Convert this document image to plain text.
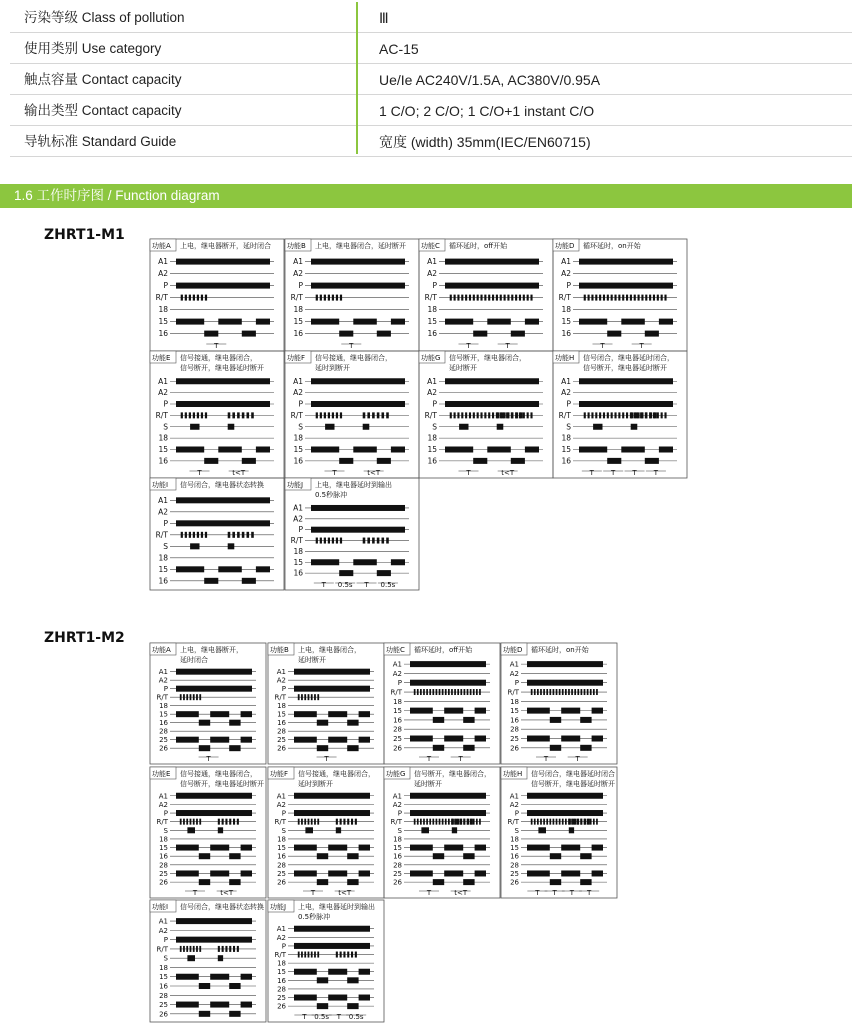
污染等级 Class of pollution	Ⅲ
使用类别 Use category	AC-15
触点容量 Contact capacity	Ue/Ie AC240V/1.5A, AC380V/0.95A
输出类型 Contact capacity	1 C/O; 2 C/O; 1 C/O+1 instant C/O
导轨标准 Standard Guide	宽度 (width) 35mm(IEC/EN60715)
1.6 工作时序图 / Function diagram
ZHRT1-M1
ZHRT1-M2
功能A 上电，继电器断开，延时闭合
A1
A2
P
R/T
18
15
16
T
功能B 上电，继电器闭合，延时断开
A1
A2
P
R/T
18
15
16
T
功能C 循环延时，off开始
A1
A2
P
R/T
18
15
16
T	T
功能D 循环延时，on开始
A1
A2
P
R/T
18
15
16
T	T
功能E 信号接通，继电器闭合，
信号断开，继电器延时断开
A1
A2
P
R/T
S
18
15
16
T	t<T
功能F 信号接通，继电器闭合，
延时到断开
A1
A2
P
R/T
S
18
15
16
T	t<T
功能G 信号断开，继电器闭合，
延时断开
A1
A2
P
R/T
S
18
15
16
T	t<T
功能H 信号闭合，继电器延时闭合，
信号断开，继电器延时断开
A1
A2
P
R/T
S
18
15
16
T T T T
功能I 信号闭合，继电器状态转换
A1
A2
P
R/T
S
18
15
16
功能J 上电，继电器延时到输出
0.5秒脉冲
A1
A2
P
R/T
18
15
16
T 0.5s T 0.5s
功能A 上电，继电器断开，
延时闭合
A1
A2
P
R/T
18
15
16
28
25
26
T
功能B 上电，继电器闭合，
延时断开
A1
A2
P
R/T
18
15
16
28
25
26
T
功能C 循环延时，off开始
A1
A2
P
R/T
18
15
16
28
25
26
T	T
功能D 循环延时，on开始
A1
A2
P
R/T
18
15
16
28
25
26
T	T
功能E 信号接通，继电器闭合，
信号断开，继电器延时断开
A1
A2
P
R/T
S
18
15
16
28
25
26
T	t<T
功能F 信号接通，继电器闭合，
延时到断开
A1
A2
P
R/T
S
18
15
16
28
25
26
T	t<T
功能G 信号断开，继电器闭合，
延时断开
A1
A2
P
R/T
S
18
15
16
28
25
26
T	t<T
功能H 信号闭合，继电器延时闭合
信号断开，继电器延时断开
A1
A2
P
R/T
S
18
15
16
28
25
26
T T T T
功能I 信号闭合，继电器状态转换
A1
A2
P
R/T
S
18
15
16
28
25
26
功能J 上电，继电器延时到输出
0.5秒脉冲
A1
A2
P
R/T
18
15
16
28
25
26
T 0.5s T 0.5s
